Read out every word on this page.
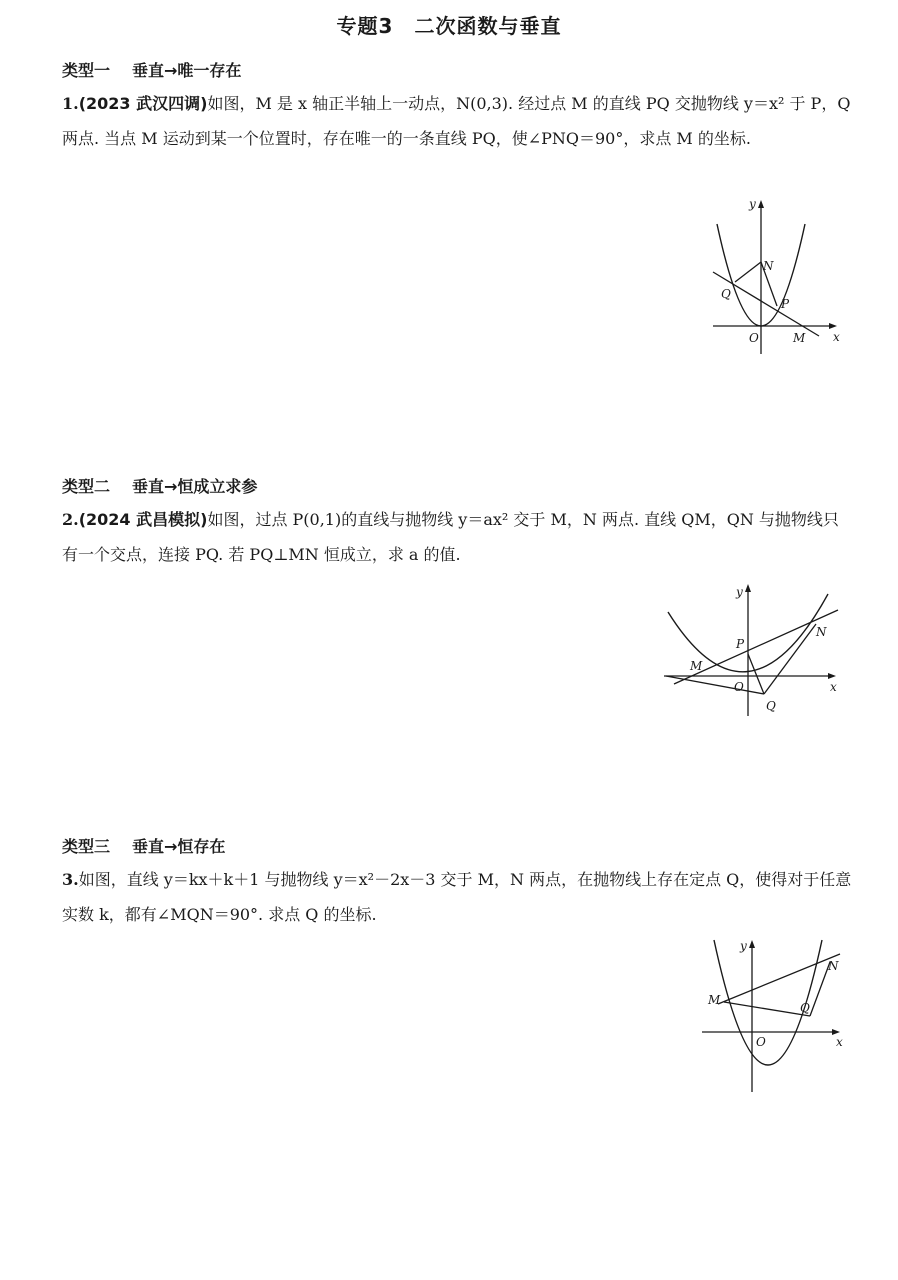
专题3　二次函数与垂直
类型一 垂直→唯一存在
1.(2023 武汉四调)如图，M 是 x 轴正半轴上一动点，N(0,3). 经过点 M 的直线 PQ 交抛物线 y＝x² 于 P，Q 两点. 当点 M 运动到某一个位置时，存在唯一的一条直线 PQ，使∠PNQ＝90°，求点 M 的坐标.
y
x
O
N
Q
P
M
类型二 垂直→恒成立求参
2.(2024 武昌模拟)如图，过点 P(0,1)的直线与抛物线 y＝ax² 交于 M，N 两点. 直线 QM，QN 与抛物线只有一个交点，连接 PQ. 若 PQ⊥MN 恒成立，求 a 的值.
y
x
O
P
M
N
Q
类型三 垂直→恒存在
3.如图，直线 y＝kx＋k＋1 与抛物线 y＝x²－2x－3 交于 M，N 两点，在抛物线上存在定点 Q，使得对于任意实数 k，都有∠MQN＝90°. 求点 Q 的坐标.
y
x
O
M
N
Q
